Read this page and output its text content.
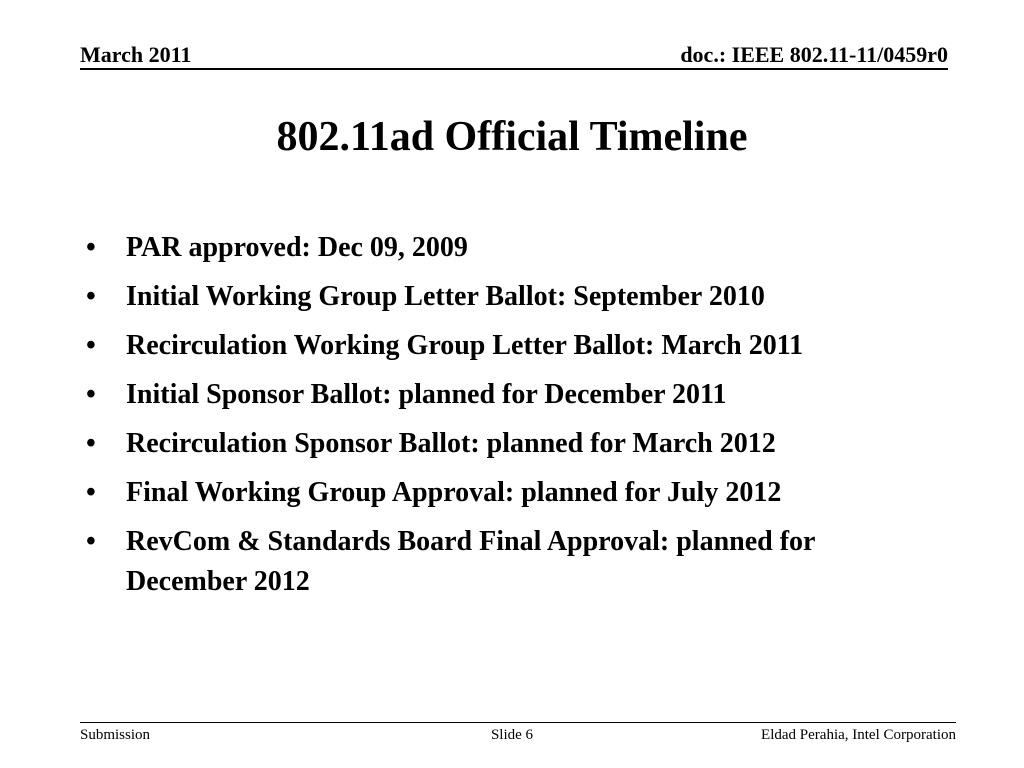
March 2011	doc.: IEEE 802.11-11/0459r0
802.11ad Official Timeline
•	PAR approved: Dec 09, 2009
•	Initial Working Group Letter Ballot: September 2010
•	Recirculation Working Group Letter Ballot: March 2011
•	Initial Sponsor Ballot: planned for December 2011
•	Recirculation Sponsor Ballot: planned for March 2012
•	Final Working Group Approval: planned for July 2012
•	RevCom & Standards Board Final Approval: planned for December 2012
Submission	Slide 6	Eldad Perahia, Intel Corporation
